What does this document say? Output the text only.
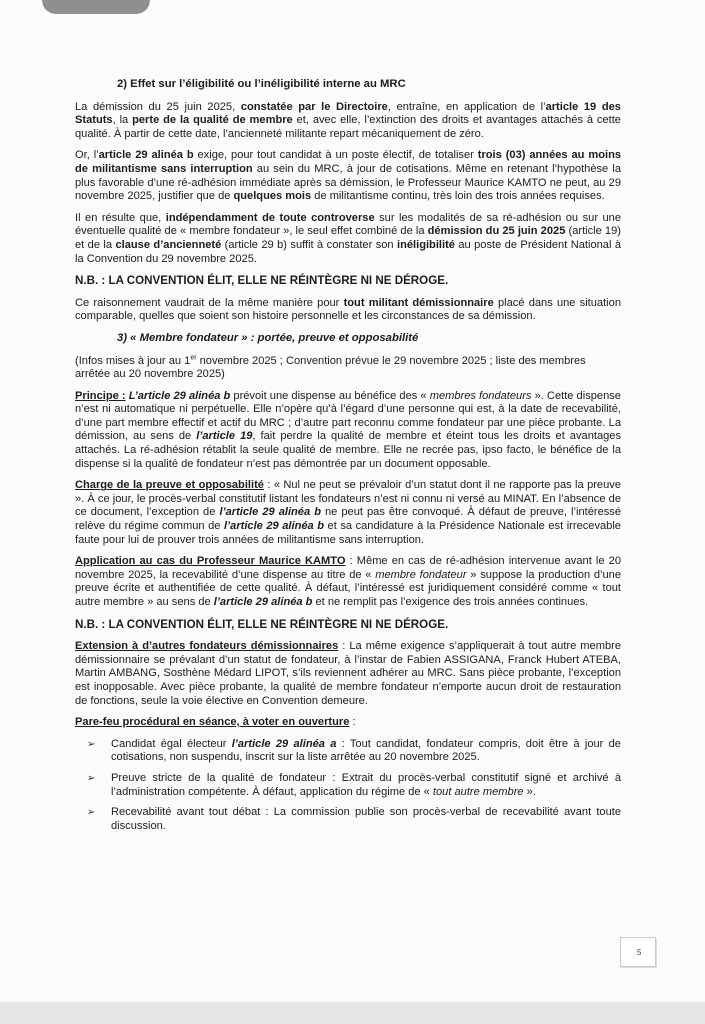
2) Effet sur l’éligibilité ou l’inéligibilité interne au MRC

La démission du 25 juin 2025, constatée par le Directoire, entraîne, en application de l’article 19 des Statuts, la perte de la qualité de membre et, avec elle, l’extinction des droits et avantages attachés à cette qualité. À partir de cette date, l’ancienneté militante repart mécaniquement de zéro.

Or, l’article 29 alinéa b exige, pour tout candidat à un poste électif, de totaliser trois (03) années au moins de militantisme sans interruption au sein du MRC, à jour de cotisations. Même en retenant l’hypothèse la plus favorable d’une ré-adhésion immédiate après sa démission, le Professeur Maurice KAMTO ne peut, au 29 novembre 2025, justifier que de quelques mois de militantisme continu, très loin des trois années requises.

Il en résulte que, indépendamment de toute controverse sur les modalités de sa ré-adhésion ou sur une éventuelle qualité de « membre fondateur », le seul effet combiné de la démission du 25 juin 2025 (article 19) et de la clause d’ancienneté (article 29 b) suffit à constater son inéligibilité au poste de Président National à la Convention du 29 novembre 2025.

N.B. : LA CONVENTION ÉLIT, ELLE NE RÉINTÈGRE NI NE DÉROGE.

Ce raisonnement vaudrait de la même manière pour tout militant démissionnaire placé dans une situation comparable, quelles que soient son histoire personnelle et les circonstances de sa démission.

3) « Membre fondateur » : portée, preuve et opposabilité

(Infos mises à jour au 1er novembre 2025 ; Convention prévue le 29 novembre 2025 ; liste des membres arrêtée au 20 novembre 2025)

Principe : L’article 29 alinéa b prévoit une dispense au bénéfice des « membres fondateurs ». Cette dispense n’est ni automatique ni perpétuelle. Elle n’opère qu’à l’égard d’une personne qui est, à la date de recevabilité, d’une part membre effectif et actif du MRC ; d’autre part reconnu comme fondateur par une pièce probante. La démission, au sens de l’article 19, fait perdre la qualité de membre et éteint tous les droits et avantages attachés. La ré-adhésion rétablit la seule qualité de membre. Elle ne recrée pas, ipso facto, le bénéfice de la dispense si la qualité de fondateur n’est pas démontrée par un document opposable.

Charge de la preuve et opposabilité : « Nul ne peut se prévaloir d’un statut dont il ne rapporte pas la preuve ». À ce jour, le procès-verbal constitutif listant les fondateurs n’est ni connu ni versé au MINAT. En l’absence de ce document, l’exception de l’article 29 alinéa b ne peut pas être convoqué. À défaut de preuve, l’intéressé relève du régime commun de l’article 29 alinéa b et sa candidature à la Présidence Nationale est irrecevable faute pour lui de prouver trois années de militantisme sans interruption.

Application au cas du Professeur Maurice KAMTO : Même en cas de ré-adhésion intervenue avant le 20 novembre 2025, la recevabilité d’une dispense au titre de « membre fondateur » suppose la production d’une preuve écrite et authentifiée de cette qualité. À défaut, l’intéressé est juridiquement considéré comme « tout autre membre » au sens de l’article 29 alinéa b et ne remplit pas l’exigence des trois années continues.

N.B. : LA CONVENTION ÉLIT, ELLE NE RÉINTÈGRE NI NE DÉROGE.

Extension à d’autres fondateurs démissionnaires : La même exigence s’appliquerait à tout autre membre démissionnaire se prévalant d’un statut de fondateur, à l’instar de Fabien ASSIGANA, Franck Hubert ATEBA, Martin AMBANG, Sosthène Médard LIPOT, s’ils reviennent adhérer au MRC. Sans pièce probante, l’exception est inopposable. Avec pièce probante, la qualité de membre fondateur n’emporte aucun droit de restauration de fonctions, seule la voie élective en Convention demeure.

Pare-feu procédural en séance, à voter en ouverture :

➢ Candidat égal électeur l’article 29 alinéa a : Tout candidat, fondateur compris, doit être à jour de cotisations, non suspendu, inscrit sur la liste arrêtée au 20 novembre 2025.
➢ Preuve stricte de la qualité de fondateur : Extrait du procès-verbal constitutif signé et archivé à l’administration compétente. À défaut, application du régime de « tout autre membre ».
➢ Recevabilité avant tout débat : La commission publie son procès-verbal de recevabilité avant toute discussion.
5
